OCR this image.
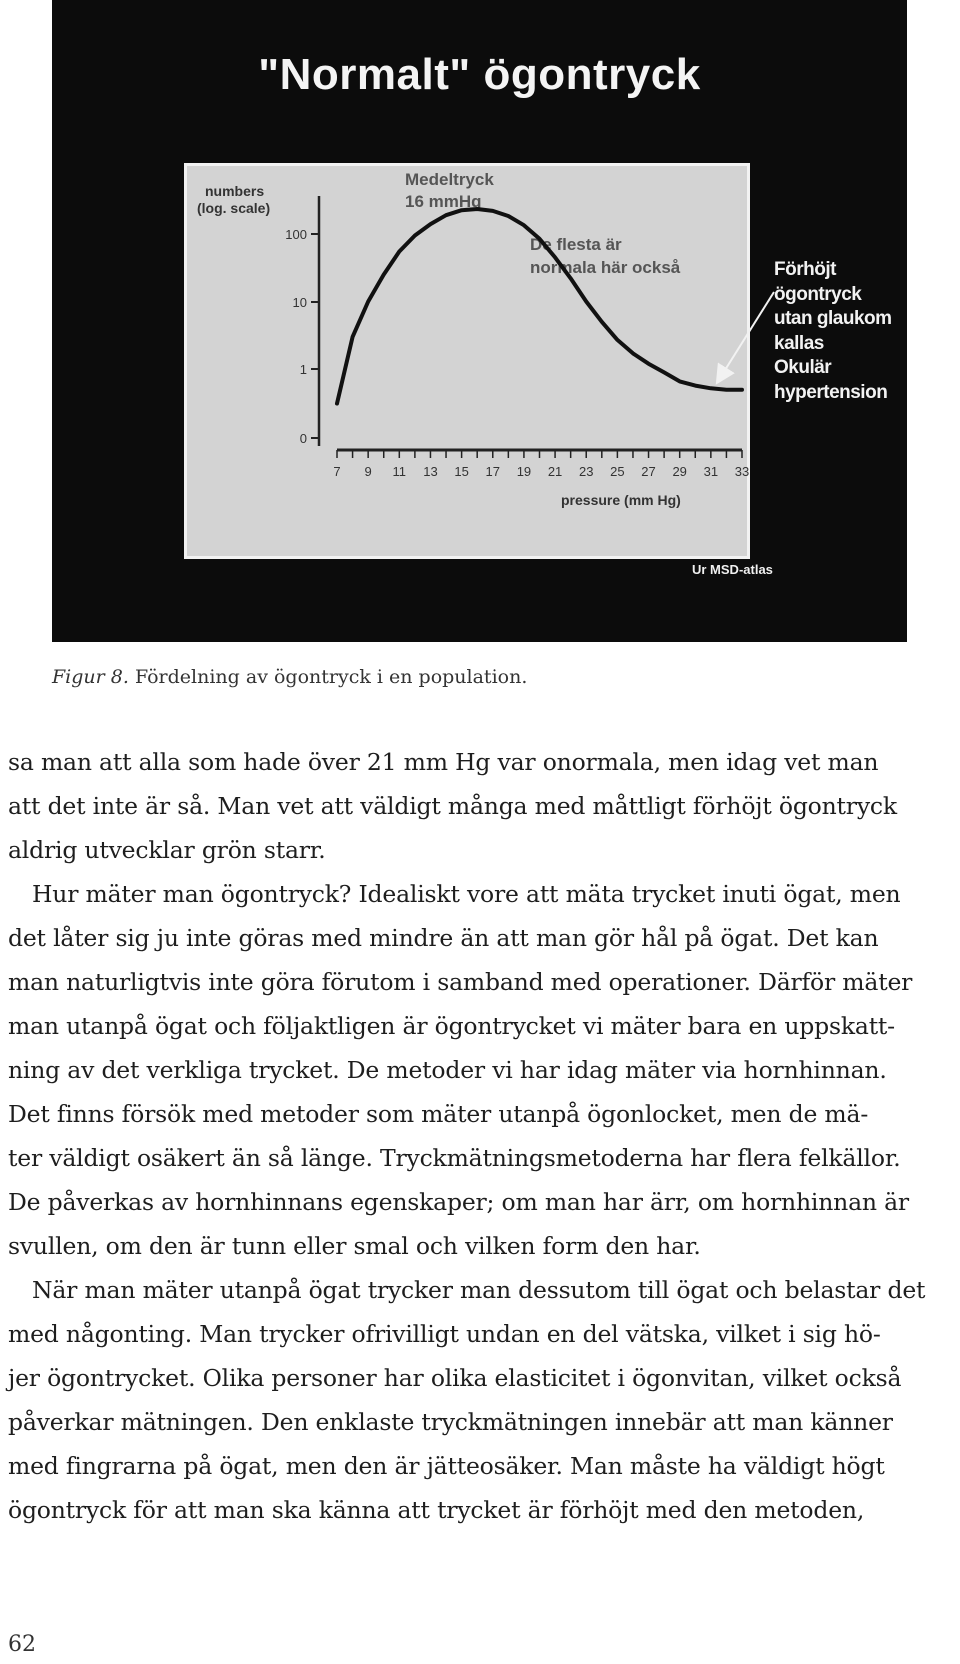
"Normalt" ögontryck
numbers
(log. scale)
Medeltryck
16 mmHg
De flesta är
normala här också
pressure (mm Hg)
0
1
10
100
7 9 11 13 15 17 19 21 23 25 27 29 31 33
Förhöjt
ögontryck
utan glaukom
kallas
Okulär
hypertension
Ur MSD-atlas
Figur 8. Fördelning av ögontryck i en population.
sa man att alla som hade över 21 mm Hg var onormala, men idag vet man
att det inte är så. Man vet att väldigt många med måttligt förhöjt ögontryck
aldrig utvecklar grön starr.
Hur mäter man ögontryck? Idealiskt vore att mäta trycket inuti ögat, men
det låter sig ju inte göras med mindre än att man gör hål på ögat. Det kan
man naturligtvis inte göra förutom i samband med operationer. Därför mäter
man utanpå ögat och följaktligen är ögontrycket vi mäter bara en uppskatt-
ning av det verkliga trycket. De metoder vi har idag mäter via hornhinnan.
Det finns försök med metoder som mäter utanpå ögonlocket, men de mä-
ter väldigt osäkert än så länge. Tryckmätningsmetoderna har flera felkällor.
De påverkas av hornhinnans egenskaper; om man har ärr, om hornhinnan är
svullen, om den är tunn eller smal och vilken form den har.
När man mäter utanpå ögat trycker man dessutom till ögat och belastar det
med någonting. Man trycker ofrivilligt undan en del vätska, vilket i sig hö-
jer ögontrycket. Olika personer har olika elasticitet i ögonvitan, vilket också
påverkar mätningen. Den enklaste tryckmätningen innebär att man känner
med fingrarna på ögat, men den är jätteosäker. Man måste ha väldigt högt
ögontryck för att man ska känna att trycket är förhöjt med den metoden,
62
